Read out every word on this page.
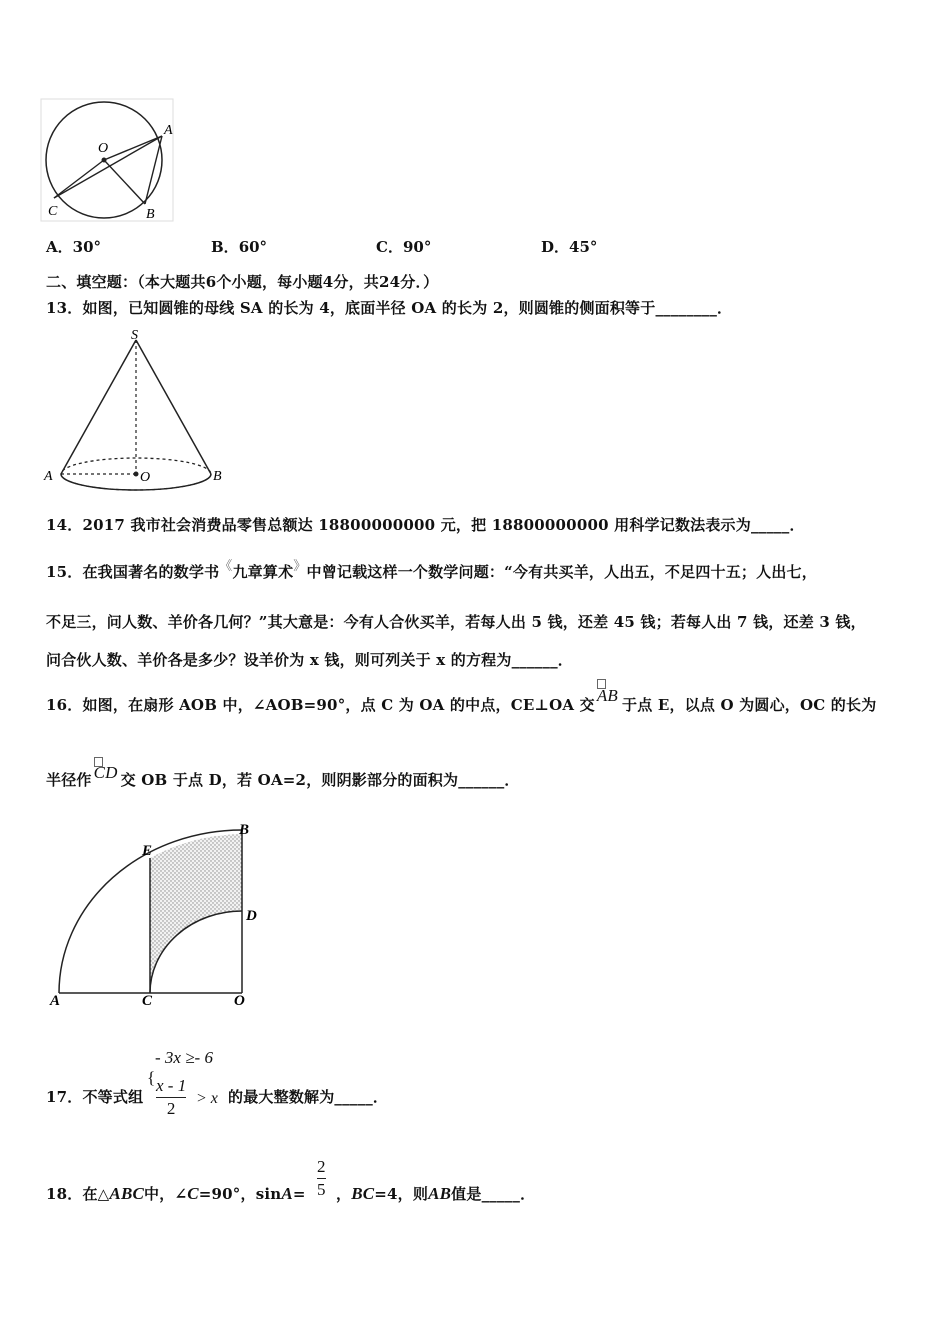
O
A
B
C
A．30°	B．60°	C．90°	D．45°
二、填空题：（本大题共6个小题，每小题4分，共24分．）
13．如图，已知圆锥的母线 SA 的长为 4，底面半径 OA 的长为 2，则圆锥的侧面积等于________．
S
A	O	B
14．2017 我市社会消费品零售总额达 18800000000 元，把 18800000000 用科学记数法表示为_____．
15．在我国著名的数学书《九章算术》中曾记载这样一个数学问题：“今有共买羊，人出五，不足四十五；人出七，
不足三，问人数、羊价各几何？”其大意是：今有人合伙买羊，若每人出 5 钱，还差 45 钱；若每人出 7 钱，还差 3 钱，
问合伙人数、羊价各是多少？设羊价为 x 钱，则可列关于 x 的方程为______．
16．如图，在扇形 AOB 中，∠AOB=90°，点 C 为 OA 的中点，CE⊥OA 交 AB 于点 E，以点 O 为圆心，OC 的长为
半径作 CD 交 OB 于点 D，若 OA=2，则阴影部分的面积为______．
E
B
D
A	C	O
- 3x ≥- 6
17．不等式组
{ $\frac{x - 1}{2} > x$ 的最大整数解为_____．
18．在△ABC中，∠C=90°，$\sin A= \frac{2}{5}$ ，BC=4，则AB值是_____．
